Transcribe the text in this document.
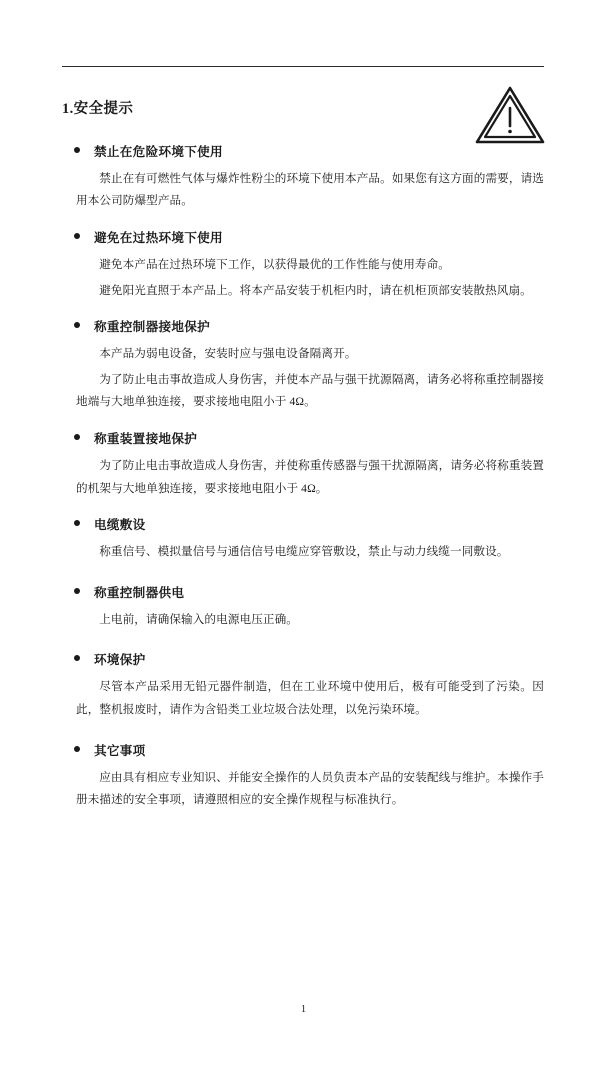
1.安全提示
禁止在危险环境下使用

禁止在有可燃性气体与爆炸性粉尘的环境下使用本产品。如果您有这方面的需要，请选用本公司防爆型产品。

避免在过热环境下使用

避免本产品在过热环境下工作，以获得最优的工作性能与使用寿命。

避免阳光直照于本产品上。将本产品安装于机柜内时，请在机柜顶部安装散热风扇。

称重控制器接地保护

本产品为弱电设备，安装时应与强电设备隔离开。

为了防止电击事故造成人身伤害，并使本产品与强干扰源隔离，请务必将称重控制器接地端与大地单独连接，要求接地电阻小于 4Ω。

称重装置接地保护

为了防止电击事故造成人身伤害，并使称重传感器与强干扰源隔离，请务必将称重装置的机架与大地单独连接，要求接地电阻小于 4Ω。

电缆敷设

称重信号、模拟量信号与通信信号电缆应穿管敷设，禁止与动力线缆一同敷设。

称重控制器供电

上电前，请确保输入的电源电压正确。

环境保护

尽管本产品采用无铅元器件制造，但在工业环境中使用后，极有可能受到了污染。因此，整机报废时，请作为含铅类工业垃圾合法处理，以免污染环境。

其它事项

应由具有相应专业知识、并能安全操作的人员负责本产品的安装配线与维护。本操作手册未描述的安全事项，请遵照相应的安全操作规程与标准执行。

1
